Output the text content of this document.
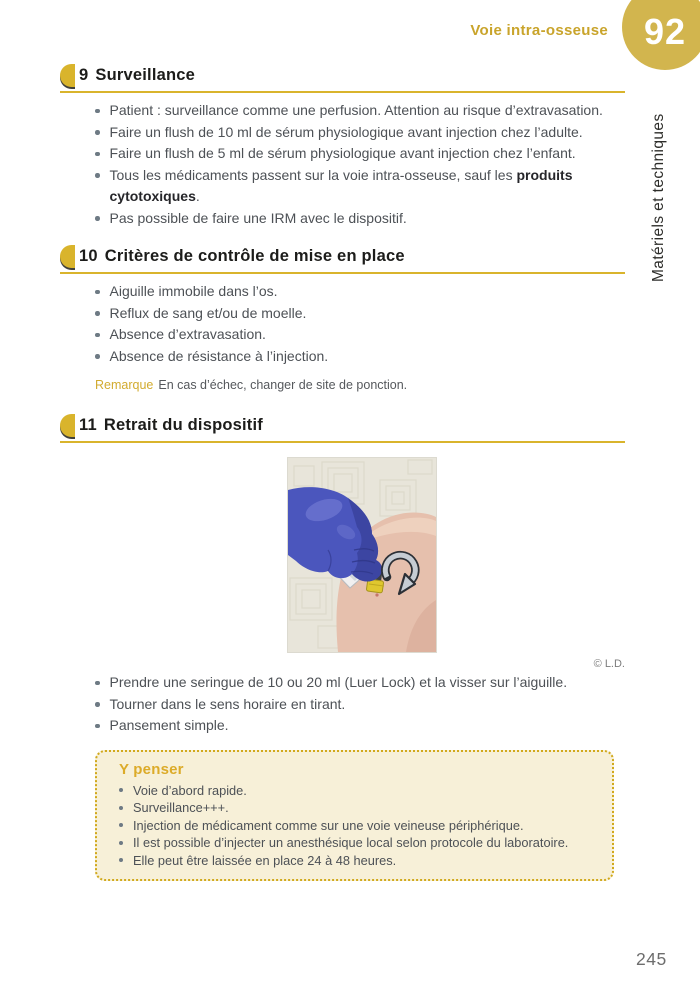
Voie intra-osseuse 92
Matériels et techniques
9 Surveillance
Patient : surveillance comme une perfusion. Attention au risque d’extravasation.
Faire un flush de 10 ml de sérum physiologique avant injection chez l’adulte.
Faire un flush de 5 ml de sérum physiologique avant injection chez l’enfant.
Tous les médicaments passent sur la voie intra-osseuse, sauf les produits cytotoxiques.
Pas possible de faire une IRM avec le dispositif.
10 Critères de contrôle de mise en place
Aiguille immobile dans l’os.
Reflux de sang et/ou de moelle.
Absence d’extravasation.
Absence de résistance à l’injection.
Remarque En cas d’échec, changer de site de ponction.
11 Retrait du dispositif
© L.D.
Prendre une seringue de 10 ou 20 ml (Luer Lock) et la visser sur l’aiguille.
Tourner dans le sens horaire en tirant.
Pansement simple.
Y penser
Voie d’abord rapide.
Surveillance+++.
Injection de médicament comme sur une voie veineuse périphérique.
Il est possible d’injecter un anesthésique local selon protocole du laboratoire.
Elle peut être laissée en place 24 à 48 heures.
245
